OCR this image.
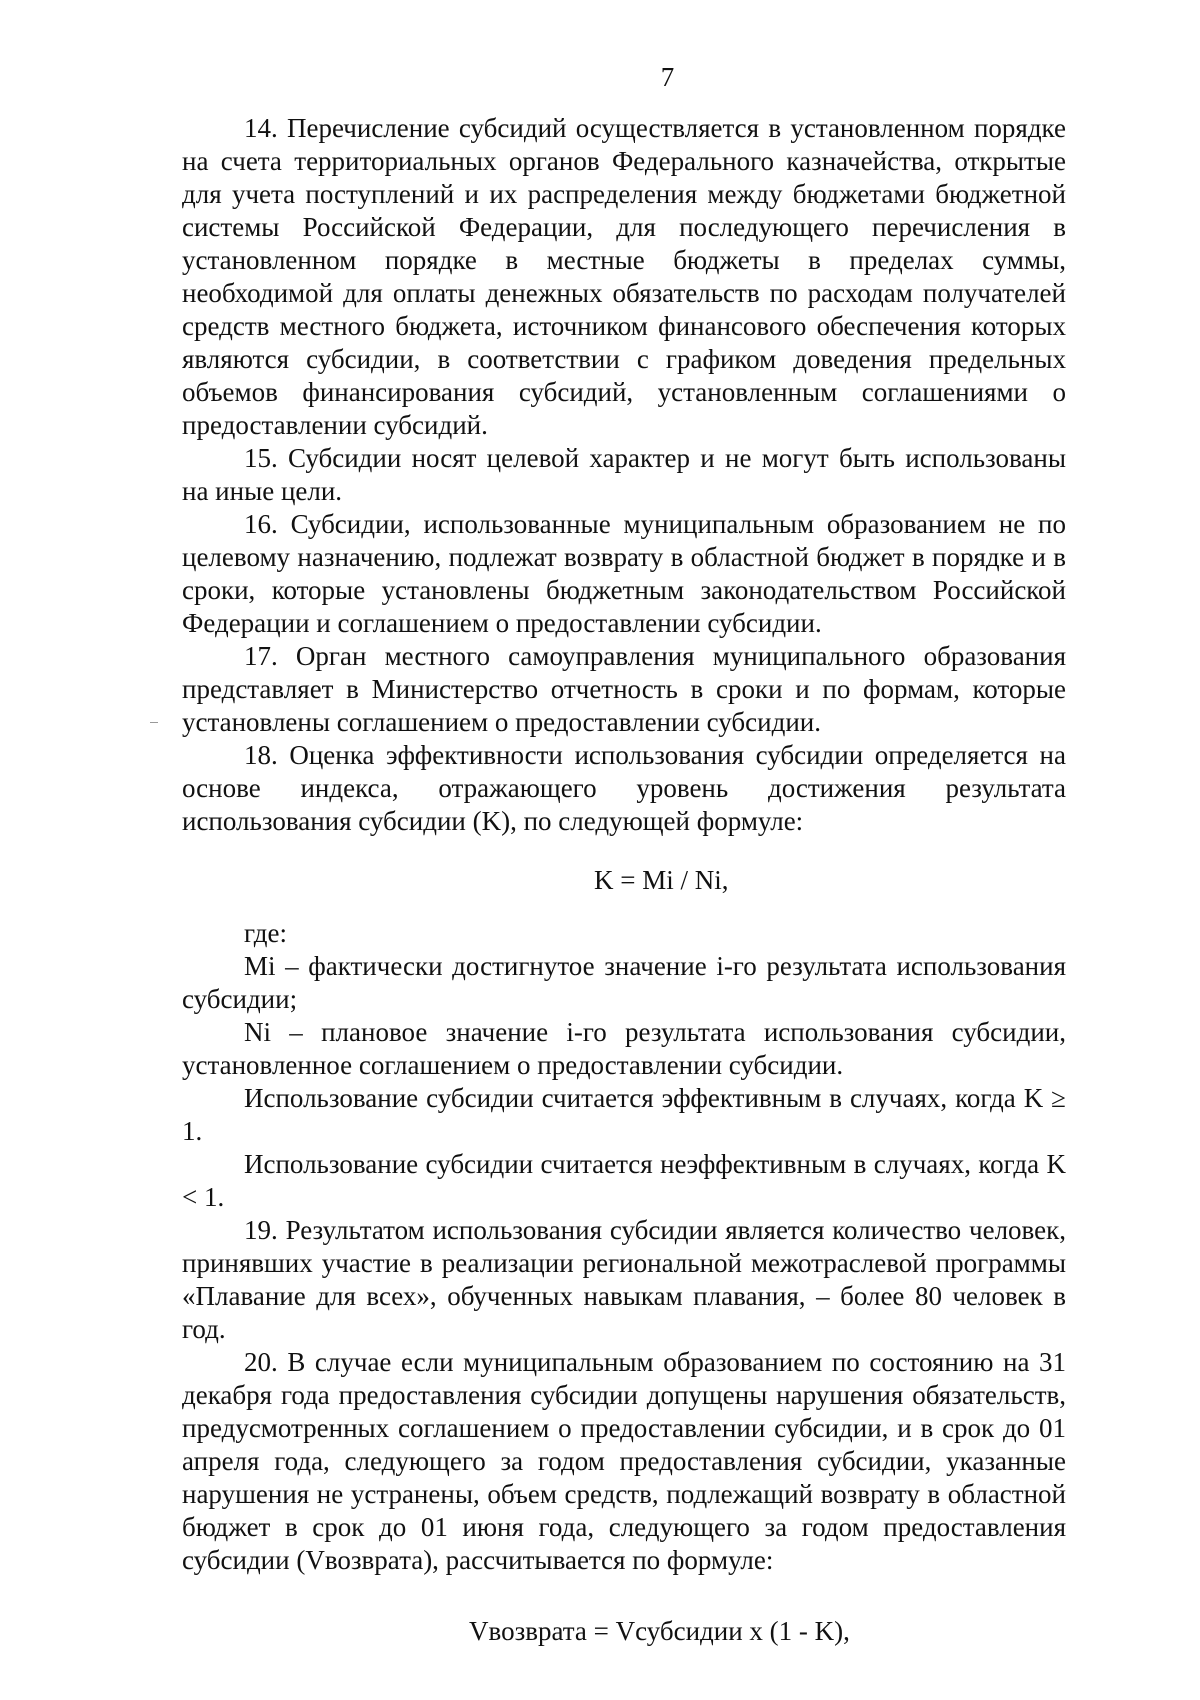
7

14. Перечисление субсидий осуществляется в установленном порядке на счета территориальных органов Федерального казначейства, открытые для учета поступлений и их распределения между бюджетами бюджетной системы Российской Федерации, для последующего перечисления в установленном порядке в местные бюджеты в пределах суммы, необходимой для оплаты денежных обязательств по расходам получателей средств местного бюджета, источником финансового обеспечения которых являются субсидии, в соответствии с графиком доведения предельных объемов финансирования субсидий, установленным соглашениями о предоставлении субсидий.

15. Субсидии носят целевой характер и не могут быть использованы на иные цели.

16. Субсидии, использованные муниципальным образованием не по целевому назначению, подлежат возврату в областной бюджет в порядке и в сроки, которые установлены бюджетным законодательством Российской Федерации и соглашением о предоставлении субсидии.

17. Орган местного самоуправления муниципального образования представляет в Министерство отчетность в сроки и по формам, которые установлены соглашением о предоставлении субсидии.

18. Оценка эффективности использования субсидии определяется на основе индекса, отражающего уровень достижения результата использования субсидии (K), по следующей формуле:

K = Mi / Ni,

где:

Mi – фактически достигнутое значение i-го результата использования субсидии;

Ni – плановое значение i-го результата использования субсидии, установленное соглашением о предоставлении субсидии.

Использование субсидии считается эффективным в случаях, когда K ≥ 1.

Использование субсидии считается неэффективным в случаях, когда K < 1.

19. Результатом использования субсидии является количество человек, принявших участие в реализации региональной межотраслевой программы «Плавание для всех», обученных навыкам плавания, – более 80 человек в год.

20. В случае если муниципальным образованием по состоянию на 31 декабря года предоставления субсидии допущены нарушения обязательств, предусмотренных соглашением о предоставлении субсидии, и в срок до 01 апреля года, следующего за годом предоставления субсидии, указанные нарушения не устранены, объем средств, подлежащий возврату в областной бюджет в срок до 01 июня года, следующего за годом предоставления субсидии (Vвозврата), рассчитывается по формуле:

Vвозврата = Vсубсидии x (1 - K),
